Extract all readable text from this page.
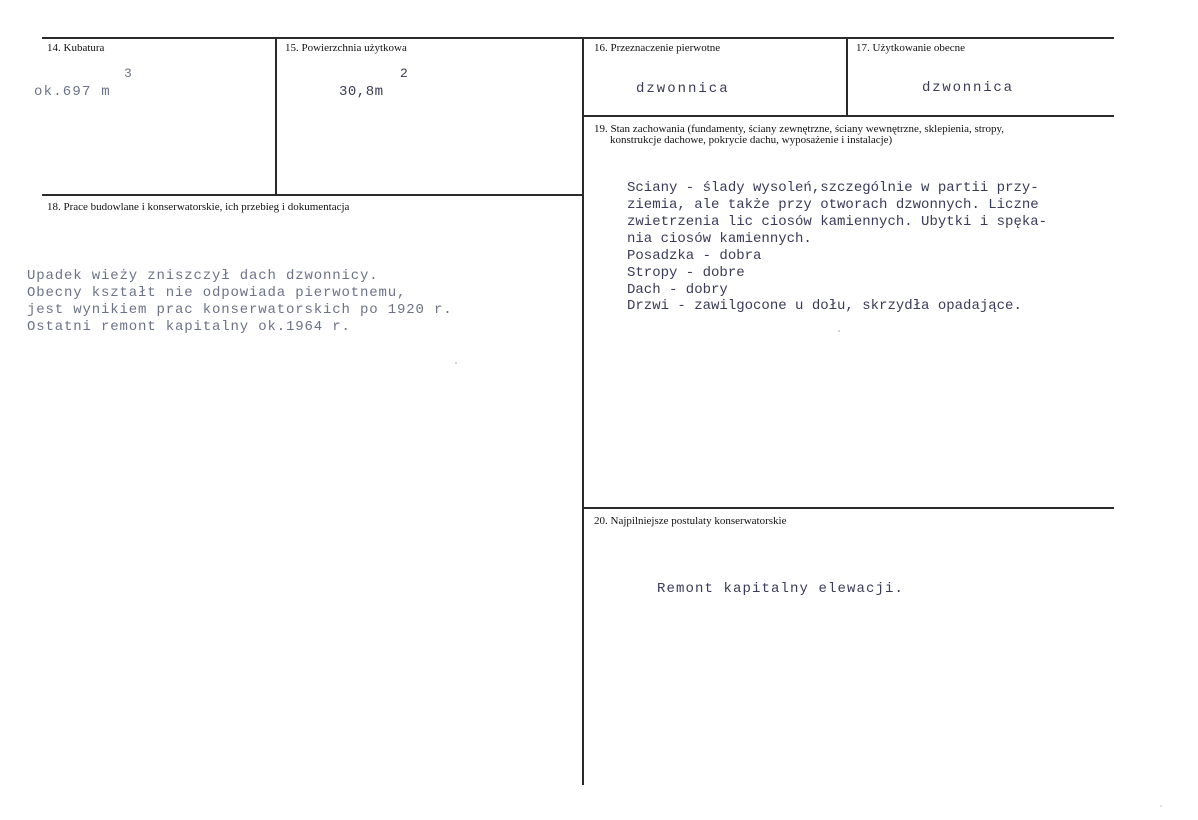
14. Kubatura
3
ok.697 m
15. Powierzchnia użytkowa
2
30,8m
16. Przeznaczenie pierwotne
dzwonnica
17. Użytkowanie obecne
dzwonnica
18. Prace budowlane i konserwatorskie, ich przebieg i dokumentacja
Upadek wieży zniszczył dach dzwonnicy.
Obecny kształt nie odpowiada pierwotnemu,
jest wynikiem prac konserwatorskich po 1920 r.
Ostatni remont kapitalny ok.1964 r.
19. Stan zachowania (fundamenty, ściany zewnętrzne, ściany wewnętrzne, sklepienia, stropy,
konstrukcje dachowe, pokrycie dachu, wyposażenie i instalacje)
Sciany - ślady wysoleń,szczególnie w partii przy-
ziemia, ale także przy otworach dzwonnych. Liczne
zwietrzenia lic ciosów kamiennych. Ubytki i spęka-
nia ciosów kamiennych.
Posadzka - dobra
Stropy - dobre
Dach - dobry
Drzwi - zawilgocone u dołu, skrzydła opadające.
20. Najpilniejsze postulaty konserwatorskie
Remont kapitalny elewacji.
